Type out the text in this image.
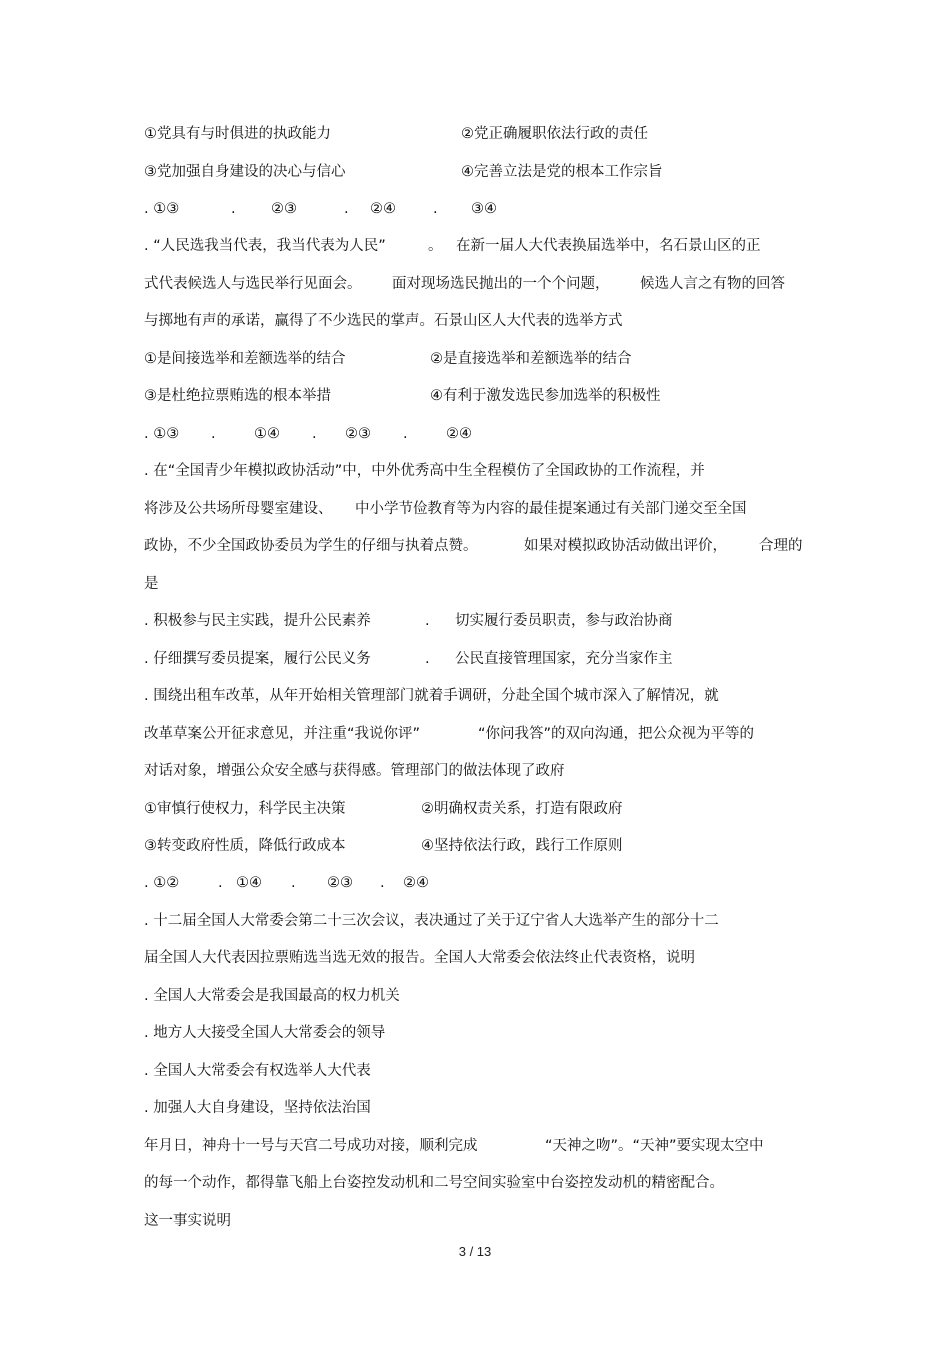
①党具有与时俱进的执政能力	②党正确履职依法行政的责任
③党加强自身建设的决心与信心	④完善立法是党的根本工作宗旨
. ①③	. ②③	. ②④	. ③④
. “人民选我当代表，我当代表为人民”	。 在新一届人大代表换届选举中，名石景山区的正
式代表候选人与选民举行见面会。 面对现场选民抛出的一个个问题， 候选人言之有物的回答
与掷地有声的承诺，赢得了不少选民的掌声。石景山区人大代表的选举方式
①是间接选举和差额选举的结合	②是直接选举和差额选举的结合
③是杜绝拉票贿选的根本举措	④有利于激发选民参加选举的积极性
. ①③ .	①④ . ②③ .	②④
. 在“全国青少年模拟政协活动”中，中外优秀高中生全程模仿了全国政协的工作流程，并
将涉及公共场所母婴室建设、 中小学节俭教育等为内容的最佳提案通过有关部门递交至全国
政协，不少全国政协委员为学生的仔细与执着点赞。	如果对模拟政协活动做出评价， 合理的
是
. 积极参与民主实践，提升公民素养	. 切实履行委员职责，参与政治协商
. 仔细撰写委员提案，履行公民义务	. 公民直接管理国家，充分当家作主
. 围绕出租车改革，从年开始相关管理部门就着手调研，分赴全国个城市深入了解情况，就
改革草案公开征求意见，并注重“我说你评”	“你问我答”的双向沟通，把公众视为平等的
对话对象，增强公众安全感与获得感。管理部门的做法体现了政府
①审慎行使权力，科学民主决策	②明确权责关系，打造有限政府
③转变政府性质，降低行政成本	④坚持依法行政，践行工作原则
. ①②	. ①④ . ②③ . ②④
. 十二届全国人大常委会第二十三次会议，表决通过了关于辽宁省人大选举产生的部分十二
届全国人大代表因拉票贿选当选无效的报告。全国人大常委会依法终止代表资格，说明
. 全国人大常委会是我国最高的权力机关
. 地方人大接受全国人大常委会的领导
. 全国人大常委会有权选举人大代表
. 加强人大自身建设，坚持依法治国
年月日，神舟十一号与天宫二号成功对接，顺利完成	“天神之吻”。“天神”要实现太空中
的每一个动作，都得靠飞船上台姿控发动机和二号空间实验室中台姿控发动机的精密配合。
这一事实说明
3 / 13
